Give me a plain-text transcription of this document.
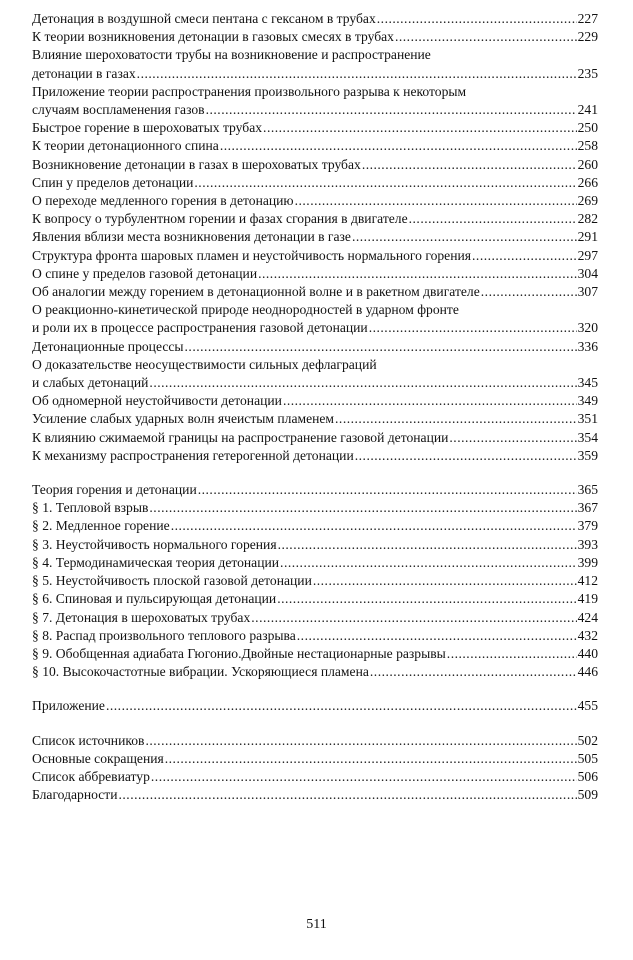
Детонация в воздушной смеси пентана с гексаном в трубах .....	227
К теории возникновения детонации в газовых смесях в трубах .....	229
Влияние шероховатости трубы на возникновение и распространение
детонации в газах .....	235
Приложение теории распространения произвольного разрыва к некоторым
случаям воспламенения газов .....	241
Быстрое горение в шероховатых трубах .....	250
К теории детонационного спина .....	258
Возникновение детонации в газах в шероховатых трубах .....	260
Спин у пределов детонации .....	266
О переходе медленного горения в детонацию .....	269
К вопросу о турбулентном горении и фазах сгорания в двигателе .....	282
Явления вблизи места возникновения детонации в газе .....	291
Структура фронта шаровых пламен и неустойчивость нормального горения .....	297
О спине у пределов газовой детонации .....	304
Об аналогии между горением в детонационной волне и в ракетном двигателе .....	307
О реакционно-кинетической природе неоднородностей в ударном фронте
и роли их в процессе распространения газовой детонации .....	320
Детонационные процессы .....	336
О доказательстве неосуществимости сильных дефлаграций
и слабых детонаций .....	345
Об одномерной неустойчивости детонации .....	349
Усиление слабых ударных волн ячеистым пламенем .....	351
К влиянию сжимаемой границы на распространение газовой детонации .....	354
К механизму распространения гетерогенной детонации .....	359
Теория горения и детонации .....	365
§ 1. Тепловой взрыв .....	367
§ 2. Медленное горение .....	379
§ 3. Неустойчивость нормального горения .....	393
§ 4. Термодинамическая теория детонации .....	399
§ 5. Неустойчивость плоской газовой детонации .....	412
§ 6. Спиновая и пульсирующая детонации .....	419
§ 7. Детонация в шероховатых трубах .....	424
§ 8. Распад произвольного теплового разрыва .....	432
§ 9. Обобщенная адиабата Гюгонио.Двойные нестационарные разрывы .....	440
§ 10. Высокочастотные вибрации. Ускоряющиеся пламена .....	446
Приложение .....	455
Список источников .....	502
Основные сокращения .....	505
Список аббревиатур .....	506
Благодарности .....	509
511
